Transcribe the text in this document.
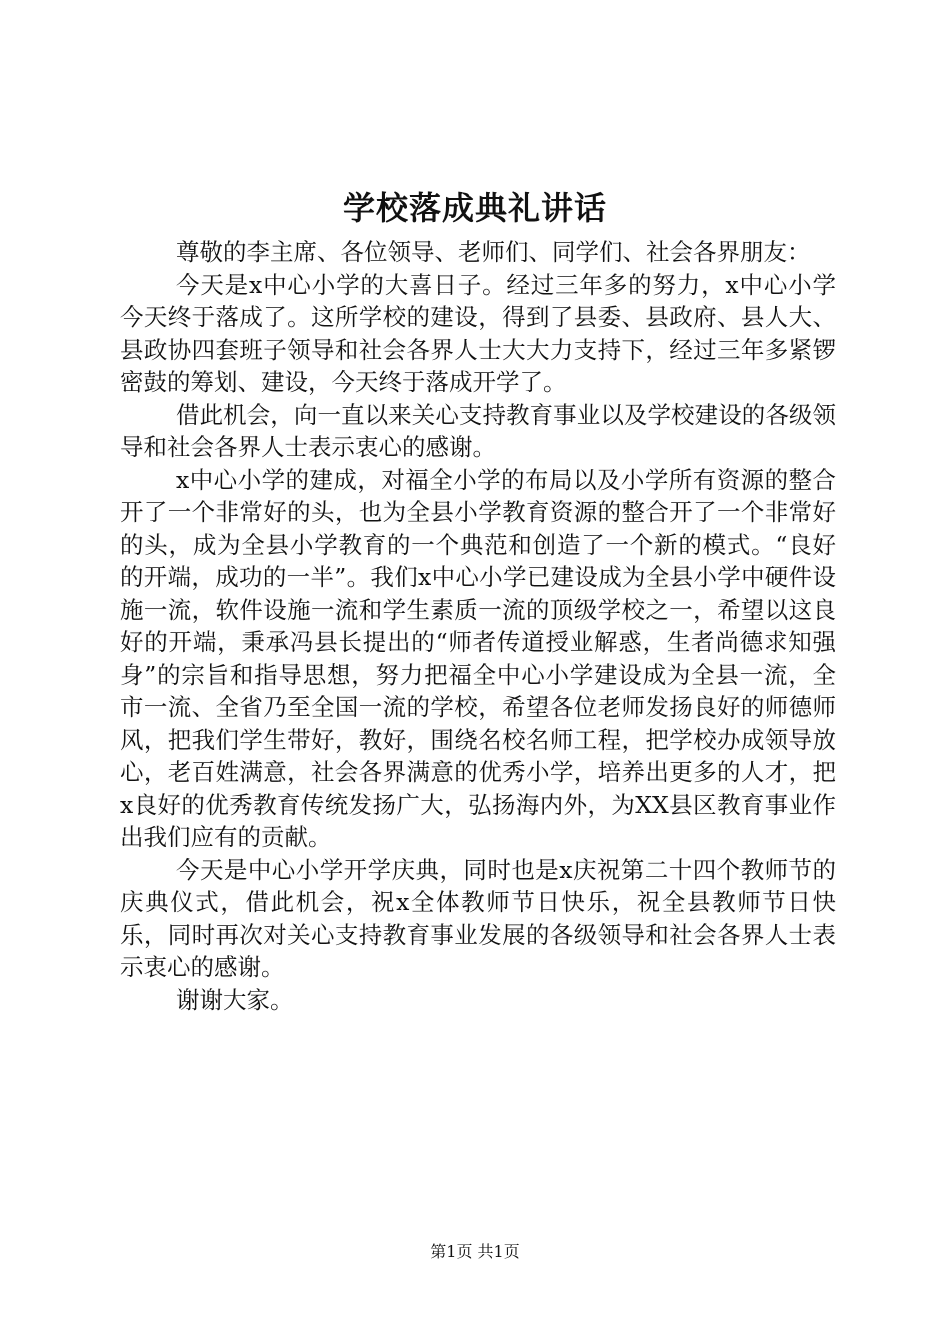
学校落成典礼讲话

尊敬的李主席、各位领导、老师们、同学们、社会各界朋友：

今天是x中心小学的大喜日子。经过三年多的努力，x中心小学今天终于落成了。这所学校的建设，得到了县委、县政府、县人大、县政协四套班子领导和社会各界人士大大力支持下，经过三年多紧锣密鼓的筹划、建设，今天终于落成开学了。

借此机会，向一直以来关心支持教育事业以及学校建设的各级领导和社会各界人士表示衷心的感谢。

x中心小学的建成，对福全小学的布局以及小学所有资源的整合开了一个非常好的头，也为全县小学教育资源的整合开了一个非常好的头，成为全县小学教育的一个典范和创造了一个新的模式。“良好的开端，成功的一半”。我们x中心小学已建设成为全县小学中硬件设施一流，软件设施一流和学生素质一流的顶级学校之一，希望以这良好的开端，秉承冯县长提出的“师者传道授业解惑，生者尚德求知强身”的宗旨和指导思想，努力把福全中心小学建设成为全县一流，全市一流、全省乃至全国一流的学校，希望各位老师发扬良好的师德师风，把我们学生带好，教好，围绕名校名师工程，把学校办成领导放心，老百姓满意，社会各界满意的优秀小学，培养出更多的人才，把x良好的优秀教育传统发扬广大，弘扬海内外，为XX县区教育事业作出我们应有的贡献。

今天是中心小学开学庆典，同时也是x庆祝第二十四个教师节的庆典仪式，借此机会，祝x全体教师节日快乐，祝全县教师节日快乐，同时再次对关心支持教育事业发展的各级领导和社会各界人士表示衷心的感谢。

谢谢大家。

第1页 共1页
